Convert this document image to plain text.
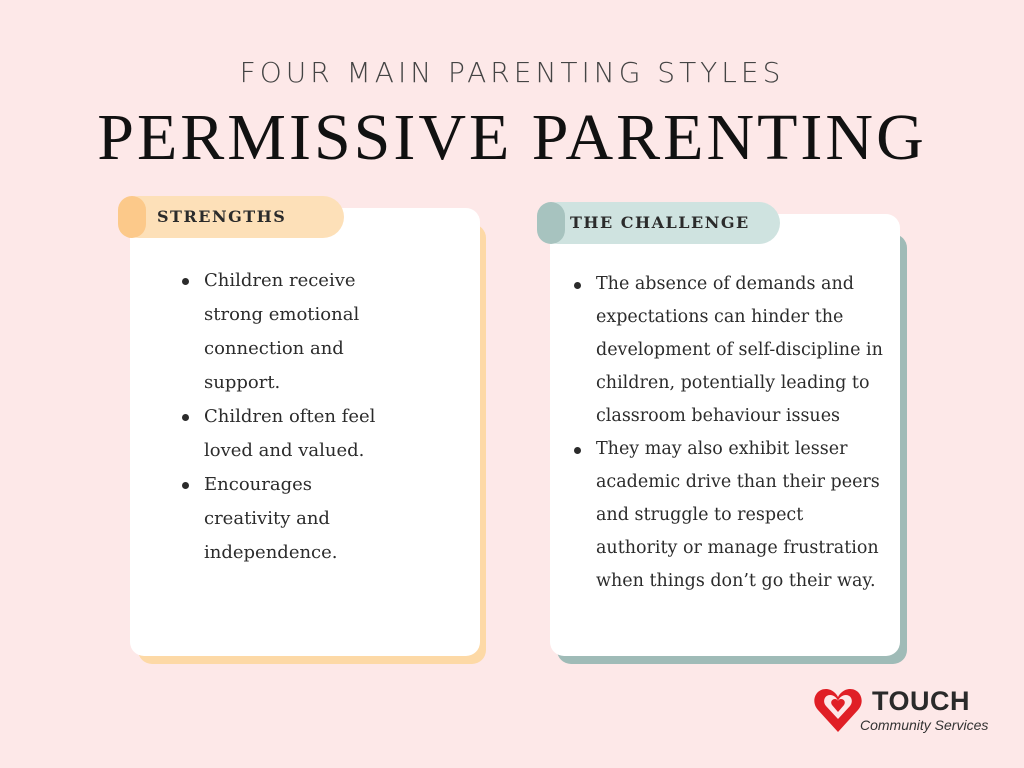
FOUR MAIN PARENTING STYLES
PERMISSIVE PARENTING
Children receive strong emotional connection and support.
Children often feel loved and valued.
Encourages creativity and independence.
STRENGTHS
The absence of demands and expectations can hinder the development of self-discipline in children, potentially leading to classroom behaviour issues
They may also exhibit lesser academic drive than their peers and struggle to respect authority or manage frustration when things don’t go their way.
THE CHALLENGE
TOUCH
Community Services
